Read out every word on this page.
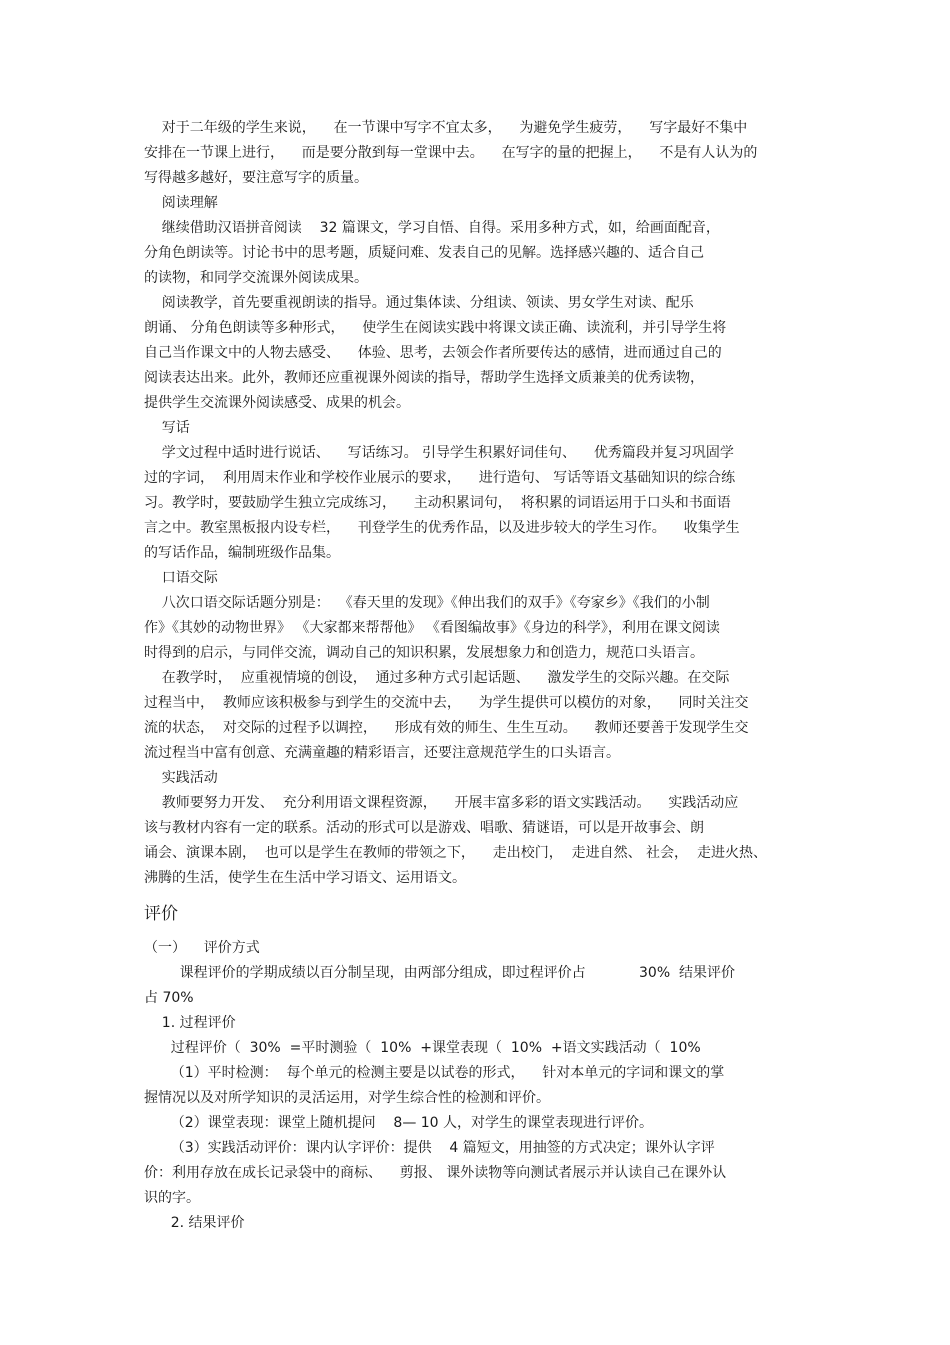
对于二年级的学生来说，    在一节课中写字不宜太多，    为避免学生疲劳，    写字最好不集中

安排在一节课上进行，    而是要分散到每一堂课中去。    在写字的量的把握上，    不是有人认为的

写得越多越好，要注意写字的质量。

阅读理解

继续借助汉语拼音阅读    32 篇课文，学习自悟、自得。采用多种方式，如，给画面配音，

分角色朗读等。讨论书中的思考题，质疑问难、发表自己的见解。选择感兴趣的、适合自己

的读物，和同学交流课外阅读成果。

阅读教学，首先要重视朗读的指导。通过集体读、分组读、领读、男女学生对读、配乐

朗诵、 分角色朗读等多种形式，    使学生在阅读实践中将课文读正确、读流利，并引导学生将

自己当作课文中的人物去感受、    体验、思考，去领会作者所要传达的感情，进而通过自己的

阅读表达出来。此外，教师还应重视课外阅读的指导，帮助学生选择文质兼美的优秀读物，

提供学生交流课外阅读感受、成果的机会。

写话

学文过程中适时进行说话、    写话练习。 引导学生积累好词佳句、    优秀篇段并复习巩固学

过的字词，  利用周末作业和学校作业展示的要求，    进行造句、 写话等语文基础知识的综合练

习。教学时，要鼓励学生独立完成练习，    主动积累词句，  将积累的词语运用于口头和书面语

言之中。教室黑板报内设专栏，    刊登学生的优秀作品，以及进步较大的学生习作。    收集学生

的写话作品，编制班级作品集。

口语交际

八次口语交际话题分别是：  《春天里的发现》《伸出我们的双手》《夸家乡》《我们的小制

作》《其妙的动物世界》 《大家都来帮帮他》 《看图编故事》《身边的科学》，利用在课文阅读

时得到的启示，与同伴交流，调动自己的知识积累，发展想象力和创造力，规范口头语言。

在教学时，  应重视情境的创设，  通过多种方式引起话题、    激发学生的交际兴趣。在交际

过程当中，  教师应该积极参与到学生的交流中去，    为学生提供可以模仿的对象，    同时关注交

流的状态，  对交际的过程予以调控，    形成有效的师生、生生互动。    教师还要善于发现学生交

流过程当中富有创意、充满童趣的精彩语言，还要注意规范学生的口头语言。

实践活动

教师要努力开发、  充分利用语文课程资源，    开展丰富多彩的语文实践活动。    实践活动应

该与教材内容有一定的联系。活动的形式可以是游戏、唱歌、猜谜语，可以是开故事会、朗

诵会、演课本剧，  也可以是学生在教师的带领之下，    走出校门，  走进自然、 社会，  走进火热、

沸腾的生活，使学生在生活中学习语文、运用语文。

评价

（一）    评价方式

课程评价的学期成绩以百分制呈现，由两部分组成，即过程评价占            30%  结果评价

占 70%

1. 过程评价

过程评价（  30%  =平时测验（  10%  +课堂表现（  10%  +语文实践活动（  10%

（1）平时检测：  每个单元的检测主要是以试卷的形式，    针对本单元的字词和课文的掌

握情况以及对所学知识的灵活运用，对学生综合性的检测和评价。

（2）课堂表现：课堂上随机提问    8— 10 人，对学生的课堂表现进行评价。

（3）实践活动评价：课内认字评价：提供    4 篇短文，用抽签的方式决定；课外认字评

价：利用存放在成长记录袋中的商标、    剪报、 课外读物等向测试者展示并认读自己在课外认

识的字。

2. 结果评价
